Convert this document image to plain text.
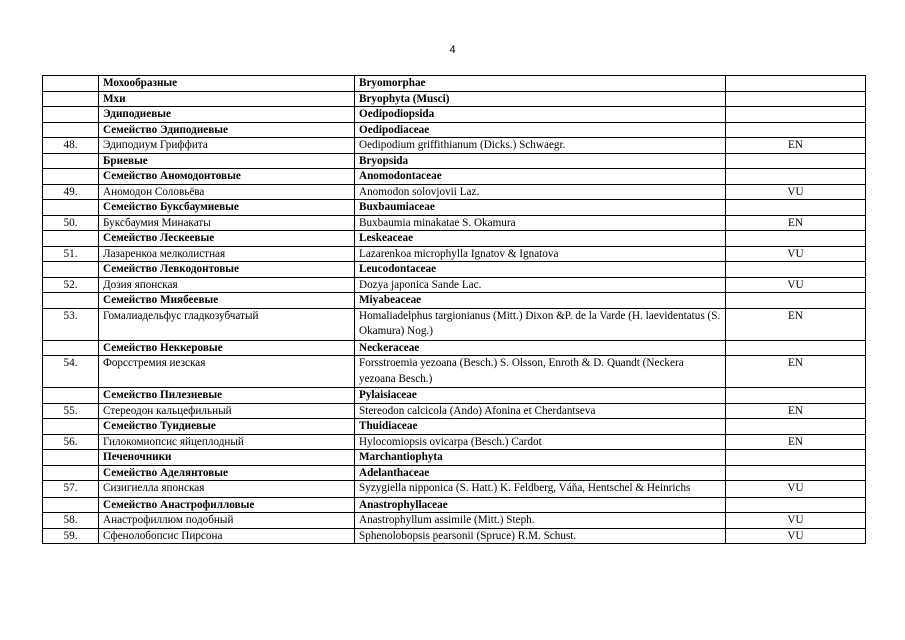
4
	Мохообразные	Bryomorphae	
	Мхи	Bryophyta (Musci)	
	Эдиподиевые	Oedipodiopsida	
	Семейство Эдиподиевые	Oedipodiaceae	
48.	Эдиподиум Гриффита	Oedipodium griffithianum (Dicks.) Schwaegr.	EN
	Бриевые	Bryopsida	
	Семейство Аномодонтовые	Anomodontaceae	
49.	Аномодон Соловьёва	Anomodon solovjovii Laz.	VU
	Семейство Буксбаумиевые	Buxbaumiaceae	
50.	Буксбаумия Минакаты	Buxbaumia minakatae S. Okamura	EN
	Семейство Лескеевые	Leskeaceae	
51.	Лазаренкоа мелколистная	Lazarenkoa microphylla Ignatov & Ignatova	VU
	Семейство Левкодонтовые	Leucodontaceae	
52.	Дозия японская	Dozya japonica Sande Lac.	VU
	Семейство Миябеевые	Miyabeaceae	
53.	Гомалиадельфус гладкозубчатый	Homaliadelphus targionianus (Mitt.) Dixon &P. de la Varde (H. laevidentatus (S. Okamura) Nog.)	EN
	Семейство Неккеровые	Neckeraceae	
54.	Форсстремия иезская	Forsstroemia yezoana (Besch.) S. Olsson, Enroth & D. Quandt (Neckera yezoana Besch.)	EN
	Семейство Пилезиевые	Pylaisiaceae	
55.	Стереодон кальцефильный	Stereodon calcicola (Ando) Afonina et Cherdantseva	EN
	Семейство Туидиевые	Thuidiaceae	
56.	Гилокомиопсис яйцеплодный	Hylocomiopsis ovicarpa (Besch.) Cardot	EN
	Печеночники	Marchantiophyta	
	Семейство Аделянтовые	Adelanthaceae	
57.	Сизигиелла японская	Syzygiella nipponica (S. Hatt.) K. Feldberg, Váňa, Hentschel & Heinrichs	VU
	Семейство Анастрофилловые	Anastrophyllaceae	
58.	Анастрофиллюм подобный	Anastrophyllum assimile (Mitt.) Steph.	VU
59.	Сфенолобопсис Пирсона	Sphenolobopsis pearsonii (Spruce) R.M. Schust.	VU
